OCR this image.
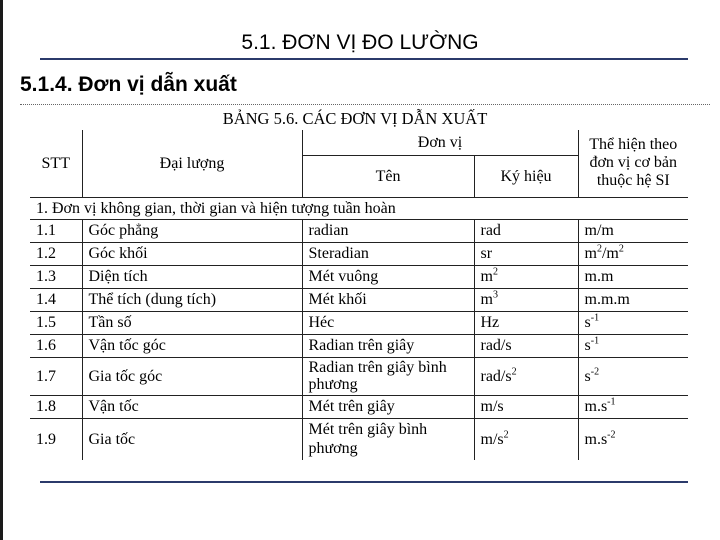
5.1. ĐƠN VỊ ĐO LƯỜNG
5.1.4. Đơn vị dẫn xuất
BẢNG 5.6. CÁC ĐƠN VỊ DẪN XUẤT
STT	Đại lượng	Đơn vị		Thể hiện theo đơn vị cơ bản thuộc hệ SI
		Tên	Ký hiệu	
1. Đơn vị không gian, thời gian và hiện tượng tuần hoàn				
1.1	Góc phẳng	radian	rad	m/m
1.2	Góc khối	Steradian	sr	$m^2/m^2$
1.3	Diện tích	Mét vuông	$m^2$	m.m
1.4	Thể tích (dung tích)	Mét khối	$m^3$	m.m.m
1.5	Tần số	Héc	Hz	$s^{-1}$
1.6	Vận tốc góc	Radian trên giây	rad/s	$s^{-1}$
1.7	Gia tốc góc	Radian trên giây bình phương	rad/$s^2$	$s^{-2}$
1.8	Vận tốc	Mét trên giây	m/s	$m.s^{-1}$
1.9	Gia tốc	Mét trên giây bình phương	$m/s^2$	$m.s^{-2}$
